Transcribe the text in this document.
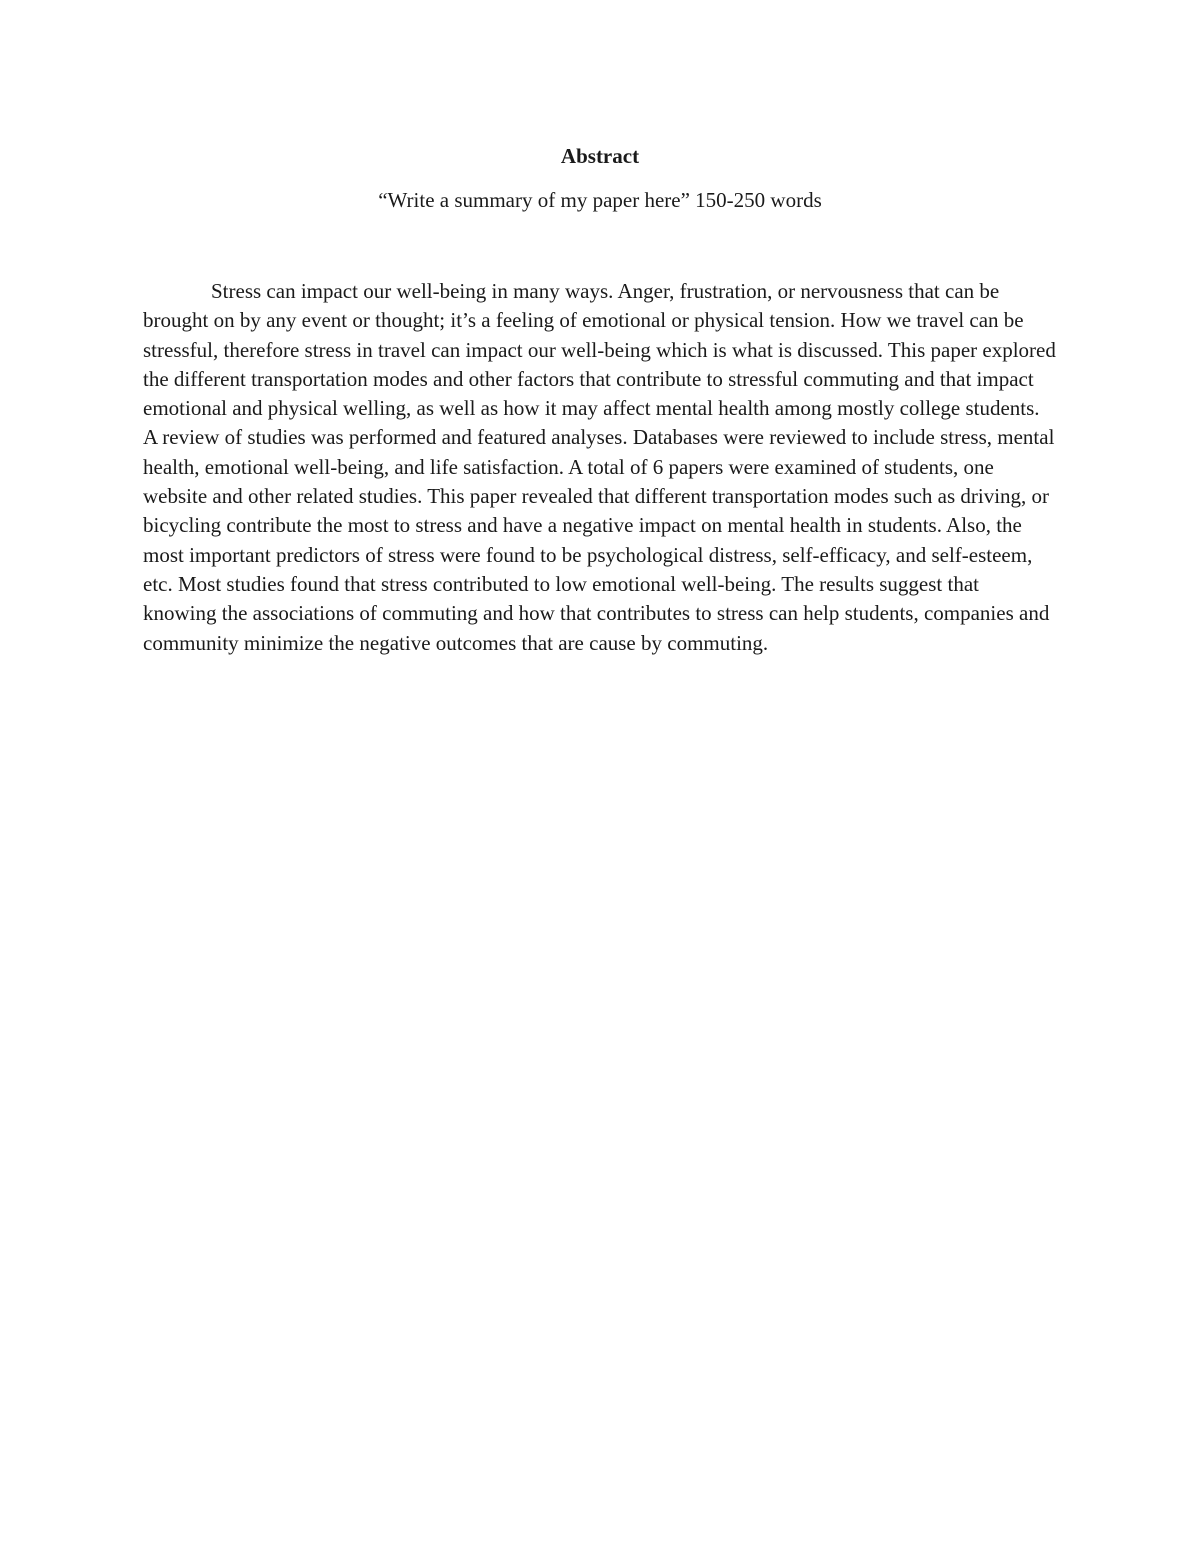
Abstract

“Write a summary of my paper here” 150-250 words

Stress can impact our well-being in many ways. Anger, frustration, or nervousness that can be brought on by any event or thought; it’s a feeling of emotional or physical tension. How we travel can be stressful, therefore stress in travel can impact our well-being which is what is discussed. This paper explored the different transportation modes and other factors that contribute to stressful commuting and that impact emotional and physical welling, as well as how it may affect mental health among mostly college students. A review of studies was performed and featured analyses. Databases were reviewed to include stress, mental health, emotional well-being, and life satisfaction. A total of 6 papers were examined of students, one website and other related studies. This paper revealed that different transportation modes such as driving, or bicycling contribute the most to stress and have a negative impact on mental health in students. Also, the most important predictors of stress were found to be psychological distress, self-efficacy, and self-esteem, etc. Most studies found that stress contributed to low emotional well-being. The results suggest that knowing the associations of commuting and how that contributes to stress can help students, companies and community minimize the negative outcomes that are cause by commuting.
